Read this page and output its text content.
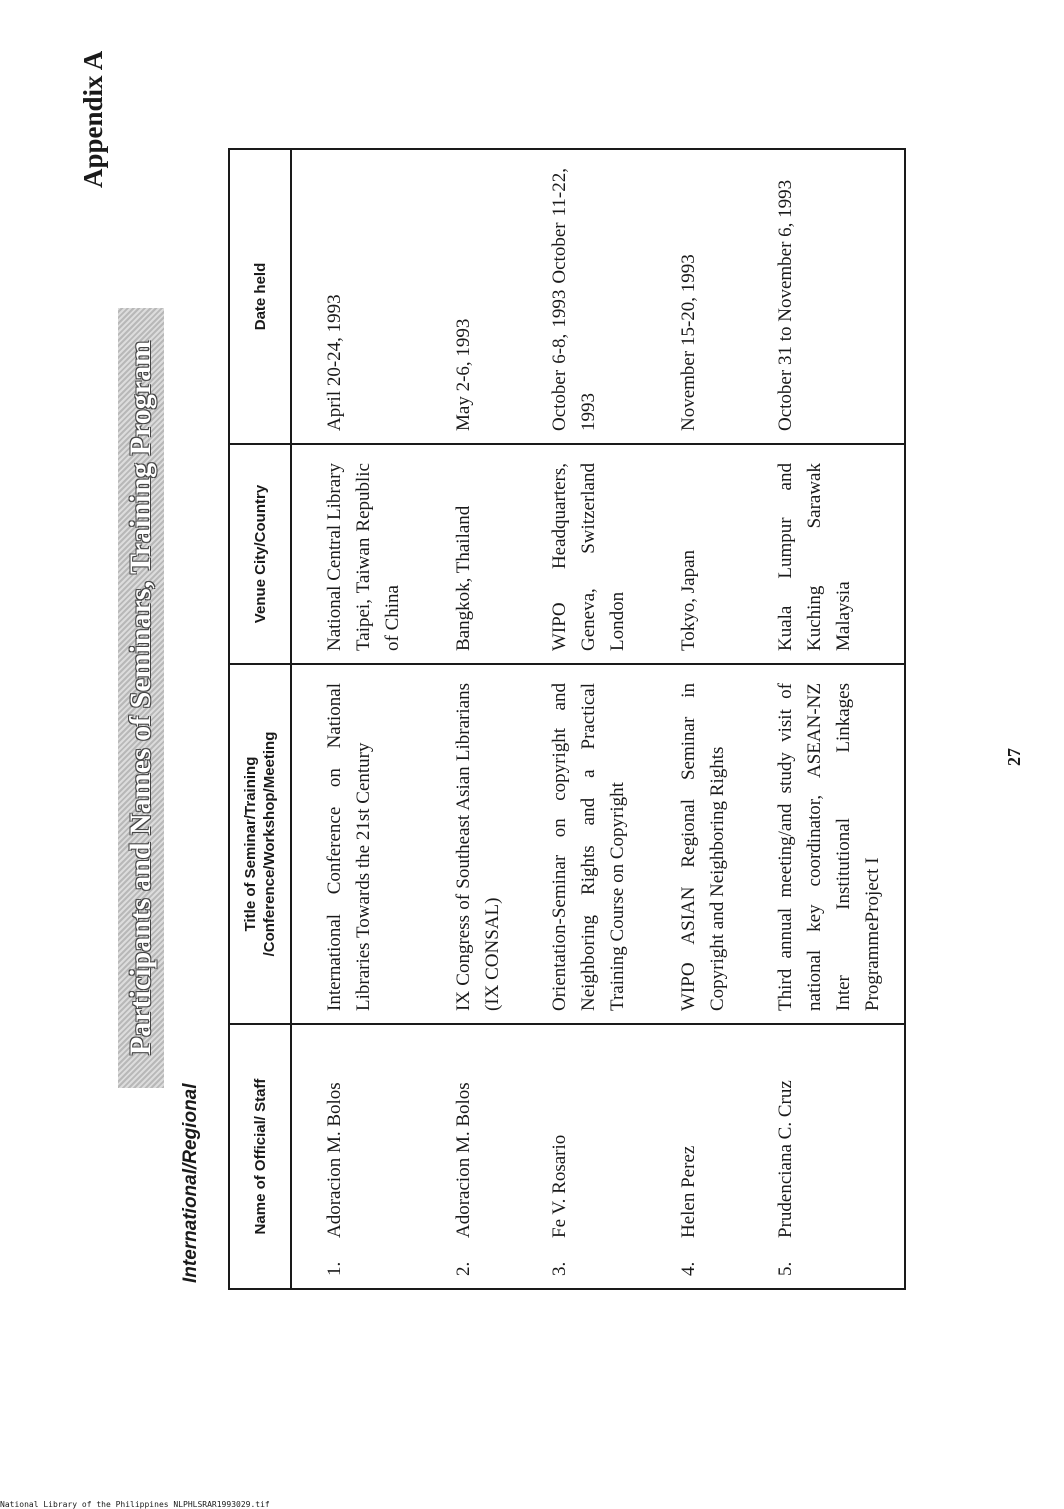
Appendix A
Participants and Names of Seminars, Training Program
International/Regional	Name of Official/ Staff	Title of Seminar/Training /Conference/Workshop/Meeting	Venue City/Country	Date held

1.Adoracion M. Bolos	International Conference on National Libraries Towards the 21st Century	National Central Library Taipei, Taiwan Republic of China	April 20-24, 1993

2.Adoracion M. Bolos	IX Congress of Southeast Asian Librarians (IX CONSAL)	Bangkok, Thailand	May 2-6, 1993

3.Fe V. Rosario	Orientation-Seminar on copyright and Neighboring Rights and a Practical Training Course on Copyright	WIPO Headquarters, Geneva, Switzerland London	October 6-8, 1993 October 11-22, 1993

4.Helen Perez	WIPO ASIAN Regional Seminar in Copyright and Neighboring Rights	Tokyo, Japan	November 15-20, 1993

5.Prudenciana C. Cruz	Third annual meeting/and study visit of national key coordinator, ASEAN-NZ Inter Institutional Linkages ProgrammeProject I	Kuala Lumpur and Kuching Sarawak Malaysia	October 31 to November 6, 1993

27
National Library of the Philippines NLPHLSRAR1993029.tif
